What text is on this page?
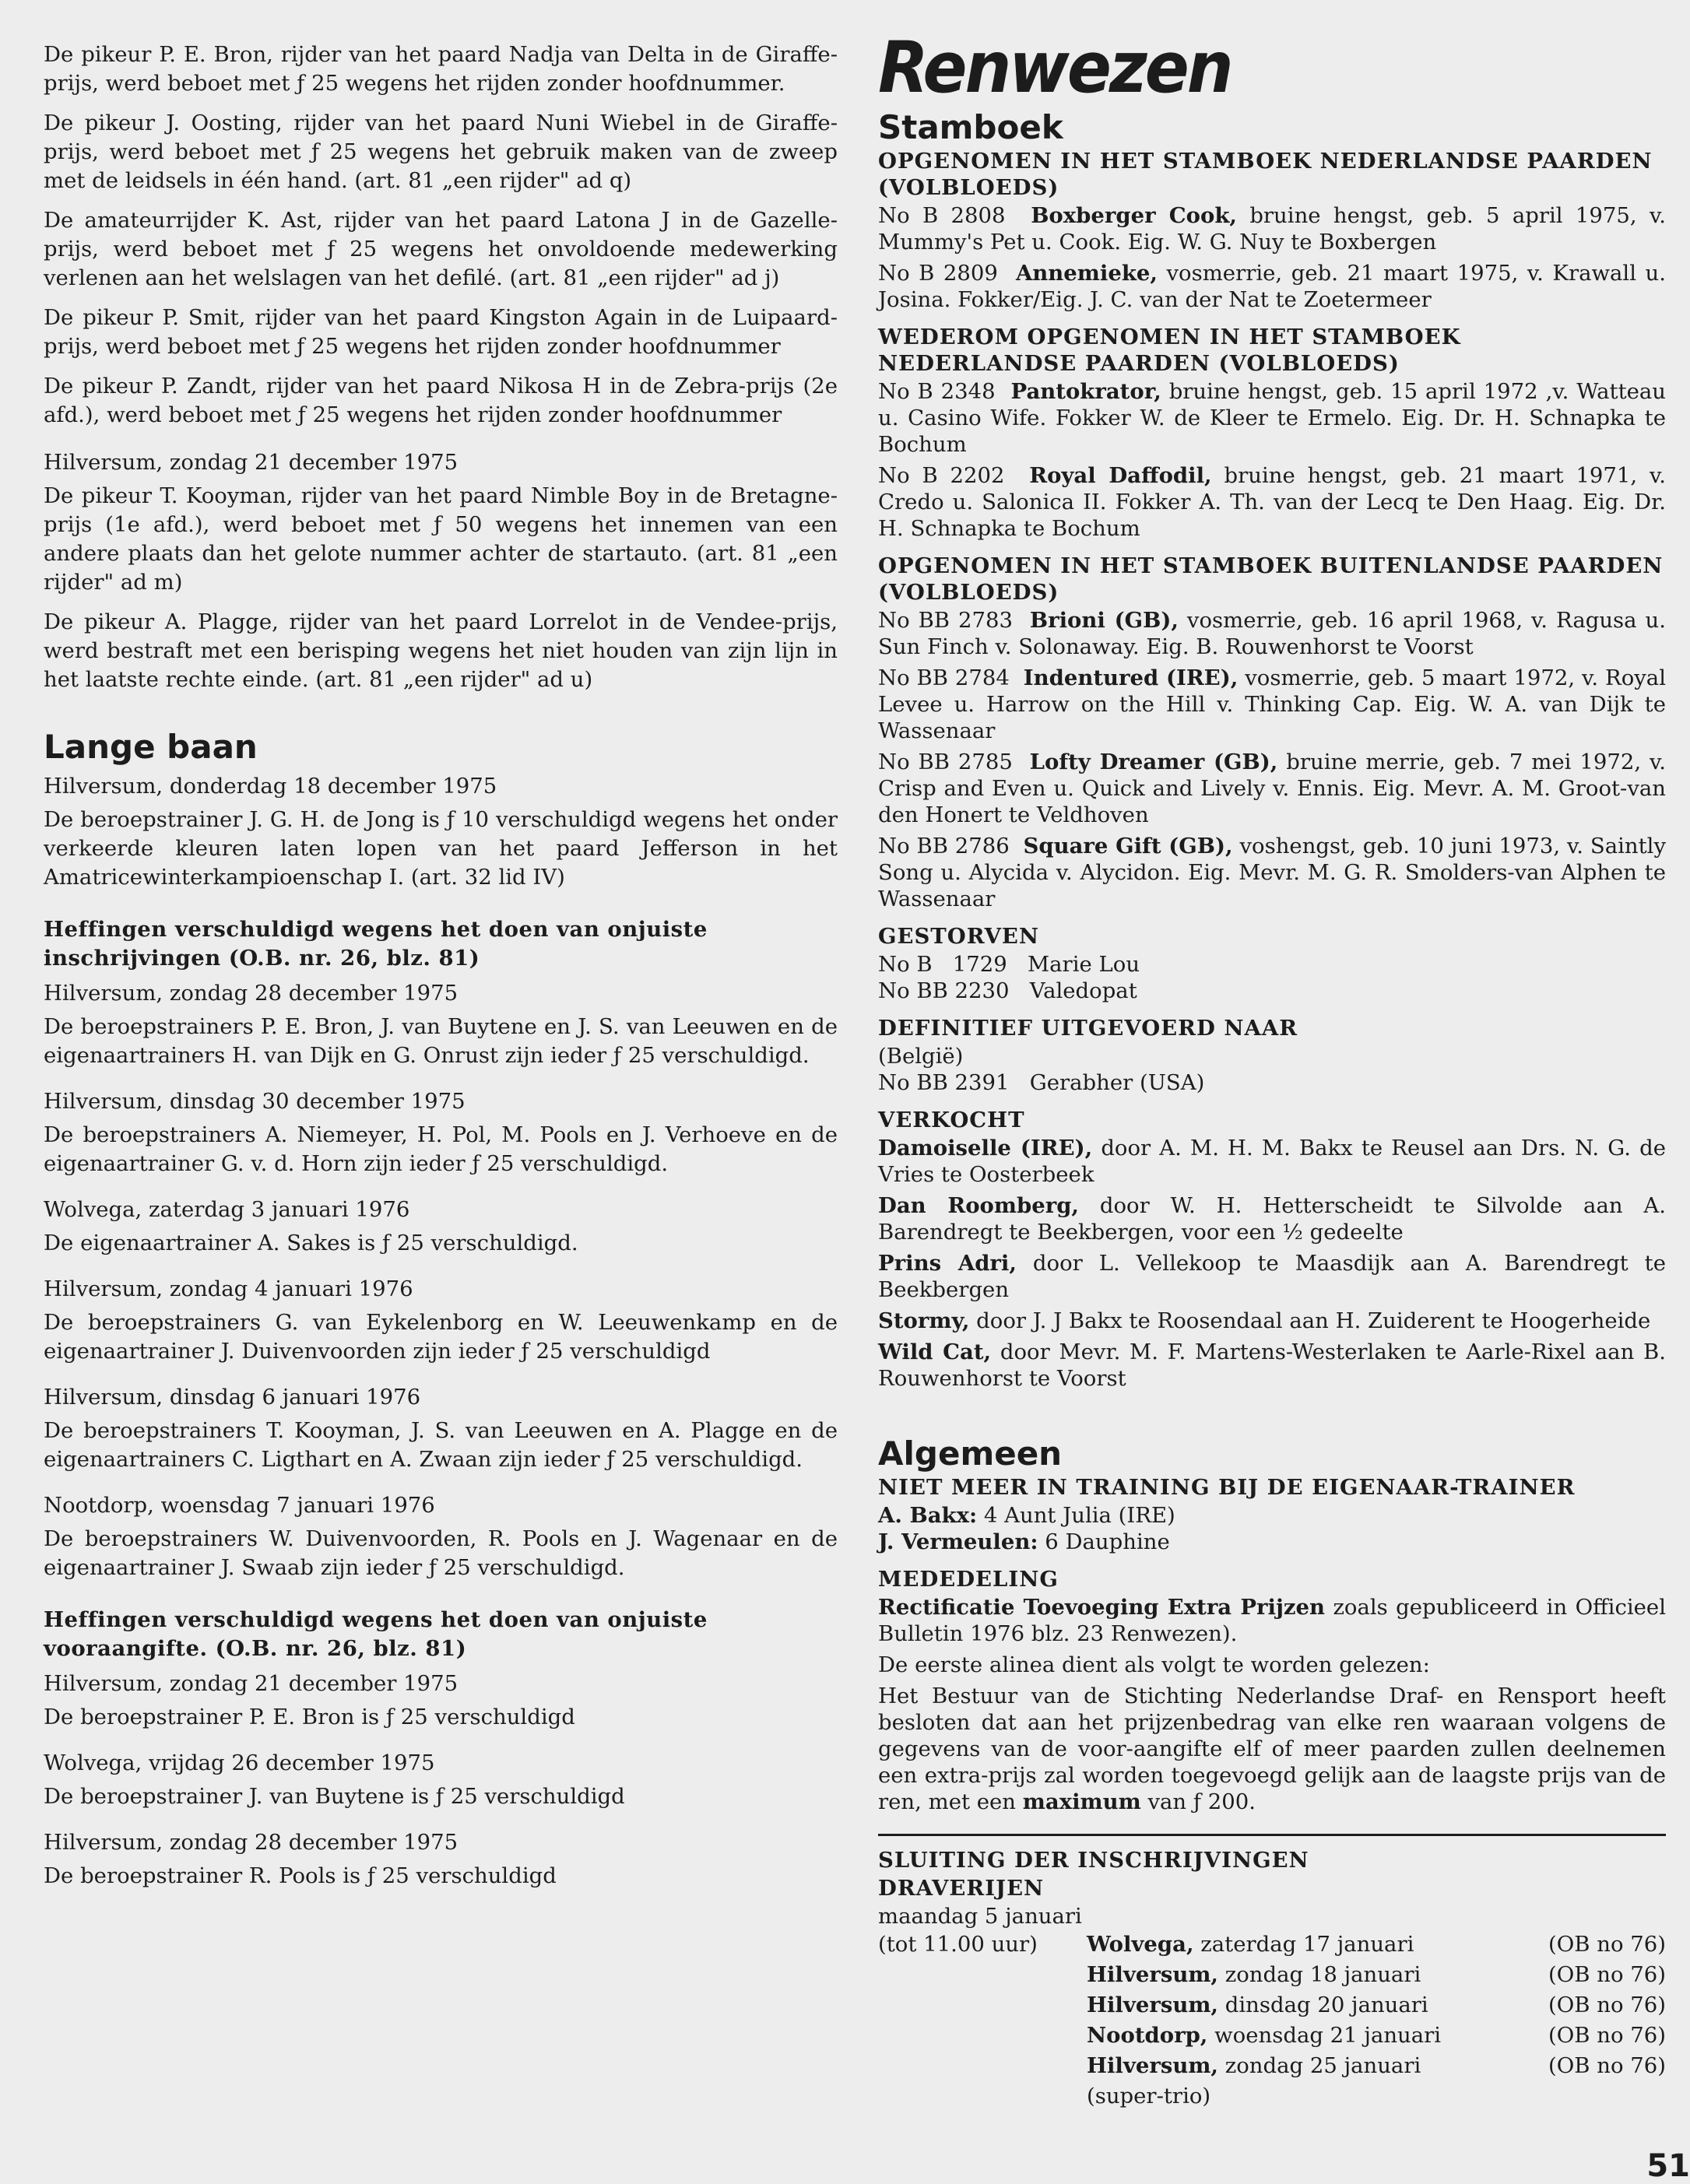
De pikeur P. E. Bron, rijder van het paard Nadja van Delta in de Giraffe-prijs, werd beboet met ƒ 25 wegens het rijden zonder hoofdnummer.

De pikeur J. Oosting, rijder van het paard Nuni Wiebel in de Giraffe-prijs, werd beboet met ƒ 25 wegens het gebruik maken van de zweep met de leidsels in één hand. (art. 81 „een rijder" ad q)

De amateurrijder K. Ast, rijder van het paard Latona J in de Gazelle-prijs, werd beboet met ƒ 25 wegens het onvoldoende medewerking verlenen aan het welslagen van het defilé. (art. 81 „een rijder" ad j)

De pikeur P. Smit, rijder van het paard Kingston Again in de Luipaard-prijs, werd beboet met ƒ 25 wegens het rijden zonder hoofdnummer

De pikeur P. Zandt, rijder van het paard Nikosa H in de Zebra-prijs (2e afd.), werd beboet met ƒ 25 wegens het rijden zonder hoofdnummer

Hilversum, zondag 21 december 1975

De pikeur T. Kooyman, rijder van het paard Nimble Boy in de Bretagne-prijs (1e afd.), werd beboet met ƒ 50 wegens het innemen van een andere plaats dan het gelote nummer achter de startauto. (art. 81 „een rijder" ad m)

De pikeur A. Plagge, rijder van het paard Lorrelot in de Vendee-prijs, werd bestraft met een berisping wegens het niet houden van zijn lijn in het laatste rechte einde. (art. 81 „een rijder" ad u)

Lange baan
Hilversum, donderdag 18 december 1975

De beroepstrainer J. G. H. de Jong is ƒ 10 verschuldigd wegens het onder verkeerde kleuren laten lopen van het paard Jefferson in het Amatricewinterkampioenschap I. (art. 32 lid IV)

Heffingen verschuldigd wegens het doen van onjuiste inschrijvingen (O.B. nr. 26, blz. 81)
Hilversum, zondag 28 december 1975

De beroepstrainers P. E. Bron, J. van Buytene en J. S. van Leeuwen en de eigenaartrainers H. van Dijk en G. Onrust zijn ieder ƒ 25 verschuldigd.

Hilversum, dinsdag 30 december 1975

De beroepstrainers A. Niemeyer, H. Pol, M. Pools en J. Verhoeve en de eigenaartrainer G. v. d. Horn zijn ieder ƒ 25 verschuldigd.

Wolvega, zaterdag 3 januari 1976

De eigenaartrainer A. Sakes is ƒ 25 verschuldigd.

Hilversum, zondag 4 januari 1976

De beroepstrainers G. van Eykelenborg en W. Leeuwenkamp en de eigenaartrainer J. Duivenvoorden zijn ieder ƒ 25 verschuldigd

Hilversum, dinsdag 6 januari 1976

De beroepstrainers T. Kooyman, J. S. van Leeuwen en A. Plagge en de eigenaartrainers C. Ligthart en A. Zwaan zijn ieder ƒ 25 verschuldigd.

Nootdorp, woensdag 7 januari 1976

De beroepstrainers W. Duivenvoorden, R. Pools en J. Wagenaar en de eigenaartrainer J. Swaab zijn ieder ƒ 25 verschuldigd.

Heffingen verschuldigd wegens het doen van onjuiste vooraangifte. (O.B. nr. 26, blz. 81)
Hilversum, zondag 21 december 1975

De beroepstrainer P. E. Bron is ƒ 25 verschuldigd

Wolvega, vrijdag 26 december 1975

De beroepstrainer J. van Buytene is ƒ 25 verschuldigd

Hilversum, zondag 28 december 1975

De beroepstrainer R. Pools is ƒ 25 verschuldigd

Renwezen
Stamboek
OPGENOMEN IN HET STAMBOEK NEDERLANDSE PAARDEN (VOLBLOEDS)

No B 2808 Boxberger Cook, bruine hengst, geb. 5 april 1975, v. Mummy's Pet u. Cook. Eig. W. G. Nuy te Boxbergen

No B 2809 Annemieke, vosmerrie, geb. 21 maart 1975, v. Krawall u. Josina. Fokker/Eig. J. C. van der Nat te Zoetermeer

WEDEROM OPGENOMEN IN HET STAMBOEK NEDERLANDSE PAARDEN (VOLBLOEDS)

No B 2348 Pantokrator, bruine hengst, geb. 15 april 1972 ,v. Watteau u. Casino Wife. Fokker W. de Kleer te Ermelo. Eig. Dr. H. Schnapka te Bochum

No B 2202 Royal Daffodil, bruine hengst, geb. 21 maart 1971, v. Credo u. Salonica II. Fokker A. Th. van der Lecq te Den Haag. Eig. Dr. H. Schnapka te Bochum

OPGENOMEN IN HET STAMBOEK BUITENLANDSE PAARDEN (VOLBLOEDS)

No BB 2783 Brioni (GB), vosmerrie, geb. 16 april 1968, v. Ragusa u. Sun Finch v. Solonaway. Eig. B. Rouwenhorst te Voorst

No BB 2784 Indentured (IRE), vosmerrie, geb. 5 maart 1972, v. Royal Levee u. Harrow on the Hill v. Thinking Cap. Eig. W. A. van Dijk te Wassenaar

No BB 2785 Lofty Dreamer (GB), bruine merrie, geb. 7 mei 1972, v. Crisp and Even u. Quick and Lively v. Ennis. Eig. Mevr. A. M. Groot-van den Honert te Veldhoven

No BB 2786 Square Gift (GB), voshengst, geb. 10 juni 1973, v. Saintly Song u. Alycida v. Alycidon. Eig. Mevr. M. G. R. Smolders-van Alphen te Wassenaar

GESTORVEN

No B   1729   Marie Lou

No BB 2230   Valedopat

DEFINITIEF UITGEVOERD NAAR

(België)

No BB 2391   Gerabher (USA)

VERKOCHT

Damoiselle (IRE), door A. M. H. M. Bakx te Reusel aan Drs. N. G. de Vries te Oosterbeek

Dan Roomberg, door W. H. Hetterscheidt te Silvolde aan A. Barendregt te Beekbergen, voor een ½ gedeelte

Prins Adri, door L. Vellekoop te Maasdijk aan A. Barendregt te Beekbergen

Stormy, door J. J Bakx te Roosendaal aan H. Zuiderent te Hoogerheide

Wild Cat, door Mevr. M. F. Martens-Westerlaken te Aarle-Rixel aan B. Rouwenhorst te Voorst

Algemeen
NIET MEER IN TRAINING BIJ DE EIGENAAR-TRAINER

A. Bakx: 4 Aunt Julia (IRE)

J. Vermeulen: 6 Dauphine

MEDEDELING

Rectificatie Toevoeging Extra Prijzen zoals gepubliceerd in Officieel Bulletin 1976 blz. 23 Renwezen).

De eerste alinea dient als volgt te worden gelezen:

Het Bestuur van de Stichting Nederlandse Draf- en Rensport heeft besloten dat aan het prijzenbedrag van elke ren waaraan volgens de gegevens van de voor-aangifte elf of meer paarden zullen deelnemen een extra-prijs zal worden toegevoegd gelijk aan de laagste prijs van de ren, met een maximum van ƒ 200.

SLUITING DER INSCHRIJVINGEN
DRAVERIJEN

maandag 5 januari

(tot 11.00 uur)	Wolvega, zaterdag 17 januari	(OB no 76)
Hilversum, zondag 18 januari	(OB no 76)
Hilversum, dinsdag 20 januari	(OB no 76)
Nootdorp, woensdag 21 januari	(OB no 76)
Hilversum, zondag 25 januari	(OB no 76)
(super-trio)
51
